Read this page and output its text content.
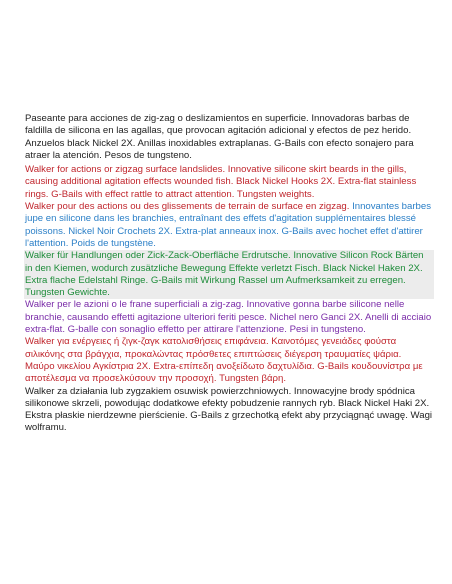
Paseante para acciones de zig-zag o deslizamientos en superficie. Innovadoras barbas de faldilla de silicona en las agallas, que provocan agitación adicional y efectos de pez herido. Anzuelos black Nickel 2X. Anillas inoxidables extraplanas. G-Bails con efecto sonajero para atraer la atención. Pesos de tungsteno.

Walker for actions or zigzag surface landslides. Innovative silicone skirt beards in the gills, causing additional agitation effects wounded fish. Black Nickel Hooks 2X. Extra-flat stainless rings. G-Bails with effect rattle to attract attention. Tungsten weights.

Walker pour des actions ou des glissements de terrain de surface en zigzag. Innovantes barbes jupe en silicone dans les branchies, entraînant des effets d'agitation supplémentaires blessé poissons. Nickel Noir Crochets 2X. Extra-plat anneaux inox. G-Bails avec hochet effet d'attirer l'attention. Poids de tungstène.

Walker für Handlungen oder Zick-Zack-Oberfläche Erdrutsche. Innovative Silicon Rock Bärten in den Kiemen, wodurch zusätzliche Bewegung Effekte verletzt Fisch. Black Nickel Haken 2X. Extra flache Edelstahl Ringe. G-Bails mit Wirkung Rassel um Aufmerksamkeit zu erregen. Tungsten Gewichte.

Walker per le azioni o le frane superficiali a zig-zag. Innovative gonna barbe silicone nelle branchie, causando effetti agitazione ulteriori feriti pesce. Nichel nero Ganci 2X. Anelli di acciaio extra-flat. G-balle con sonaglio effetto per attirare l'attenzione. Pesi in tungsteno.

Walker για ενέργειες ή ζιγκ-ζαγκ κατολισθήσεις επιφάνεια. Καινοτόμες γενειάδες φούστα σιλικόνης στα βράγχια, προκαλώντας πρόσθετες επιπτώσεις διέγερση τραυματίες ψάρια. Μαύρο νικελίου Αγκίστρια 2X. Extra-επίπεδη ανοξείδωτο δαχτυλίδια. G-Bails κουδουνίστρα με αποτέλεσμα να προσελκύσουν την προσοχή. Tungsten βάρη.

Walker za działania lub zygzakiem osuwisk powierzchniowych. Innowacyjne brody spódnica silikonowe skrzeli, powodując dodatkowe efekty pobudzenie rannych ryb. Black Nickel Haki 2X. Ekstra płaskie nierdzewne pierścienie. G-Bails z grzechotką efekt aby przyciągnąć uwagę. Wagi wolframu.
